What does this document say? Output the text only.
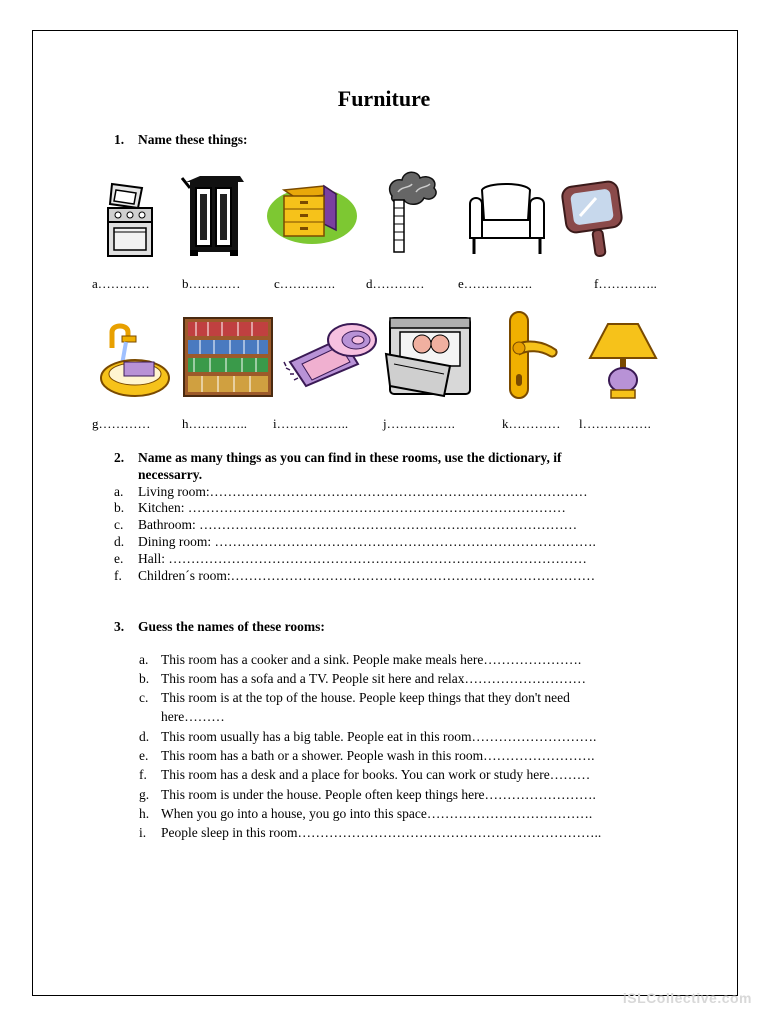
Furniture
1. Name these things:
a………… b…………	c…………. d…………	e…………….	f…………..
g………… h………….. i……………..	j…………….	k………… l…………….
2. Name as many things as you can find in these rooms, use the dictionary, if
necessarry.
a. Living room:…………………………………………………………………………
b. Kitchen: …………………………………………………………………………
c. Bathroom: …………………………………………………………………………
d. Dining room: ………………………………………………………………………….
e. Hall: …………………………………………………………………………………
f. Children´s room:………………………………………………………………………
3. Guess the names of these rooms:
a. This room has a cooker and a sink. People make meals here………………….
b. This room has a sofa and a TV. People sit here and relax………………………
c. This room is at the top of the house. People keep things that they don't need
here………
d. This room usually has a big table. People eat in this room……………………….
e. This room has a bath or a shower. People wash in this room…………………….
f. This room has a desk and a place for books. You can work or study here………
g. This room is under the house. People often keep things here…………………….
h. When you go into a house, you go into this space……………………………….
i. People sleep in this room…………………………………………………………..
iSLCollective.com
